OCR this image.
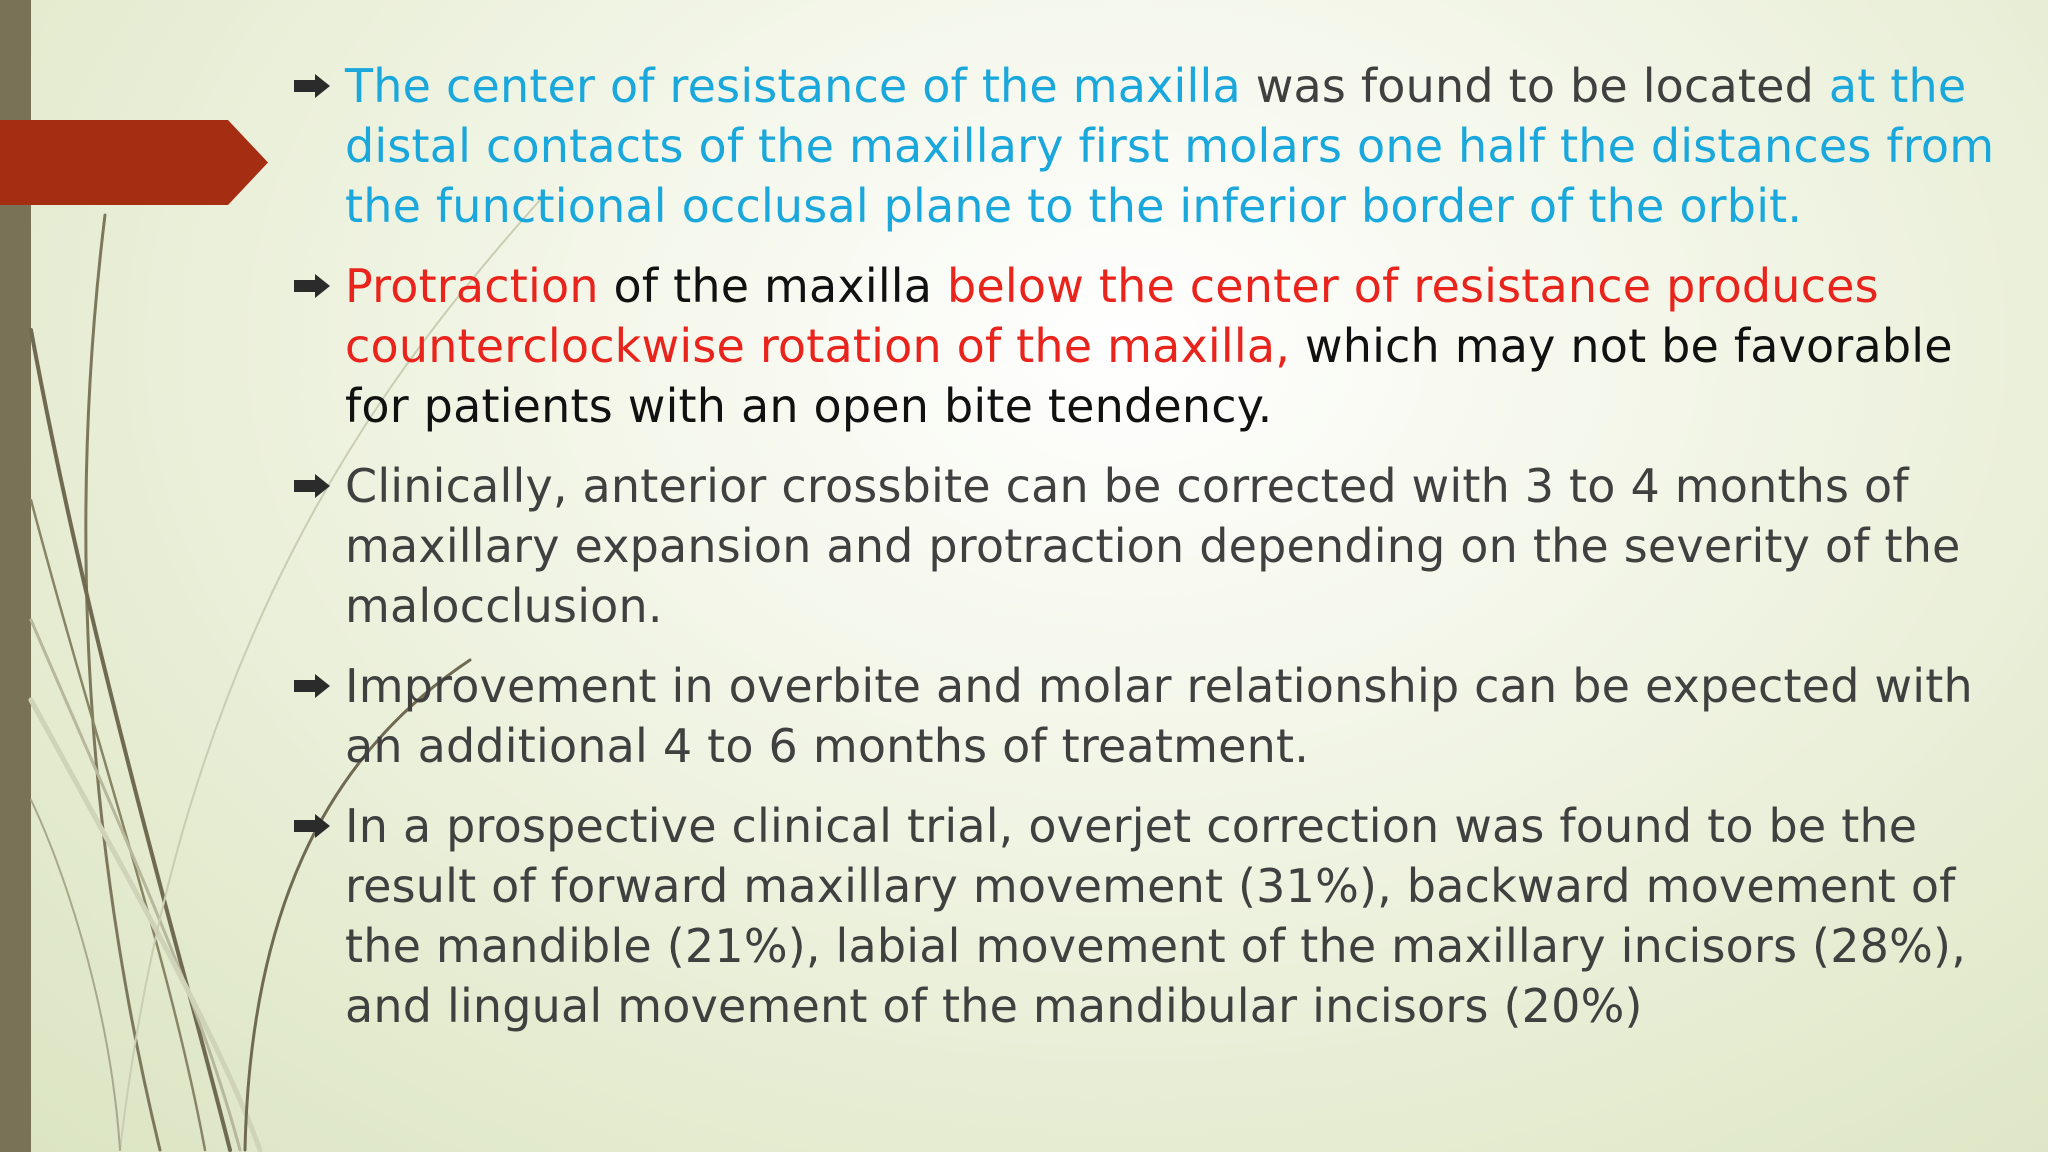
The center of resistance of the maxilla was found to be located at the distal contacts of the maxillary first molars one half the distances from the functional occlusal plane to the inferior border of the orbit.
Protraction of the maxilla below the center of resistance produces counterclockwise rotation of the maxilla, which may not be favorable for patients with an open bite tendency.
Clinically, anterior crossbite can be corrected with 3 to 4 months of maxillary expansion and protraction depending on the severity of the malocclusion.
Improvement in overbite and molar relationship can be expected with an additional 4 to 6 months of treatment.
In a prospective clinical trial, overjet correction was found to be the result of forward maxillary movement (31%), backward movement of the mandible (21%), labial movement of the maxillary incisors (28%), and lingual movement of the mandibular incisors (20%)
